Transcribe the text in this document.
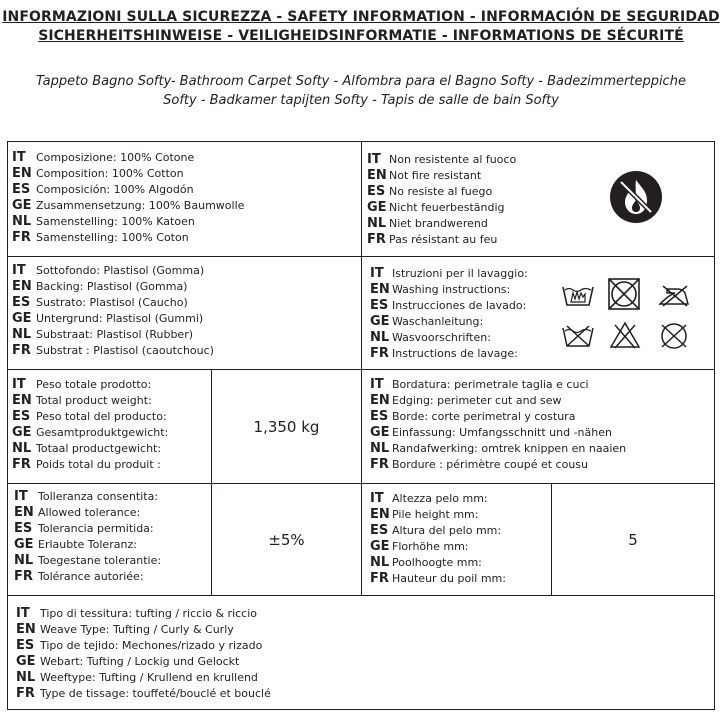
INFORMAZIONI SULLA SICUREZZA - SAFETY INFORMATION - INFORMACIÓN DE SEGURIDAD
SICHERHEITSHINWEISE - VEILIGHEIDSINFORMATIE - INFORMATIONS DE SÉCURITÉ
Tappeto Bagno Softy- Bathroom Carpet Softy - Alfombra para el Bagno Softy - Badezimmerteppiche
Softy - Badkamer tapijten Softy - Tapis de salle de bain Softy
IT Composizione: 100% Cotone
EN Composition: 100% Cotton
ES Composición: 100% Algodón
GE Zusammensetzung: 100% Baumwolle
NL Samenstelling: 100% Katoen
FR Samenstelling: 100% Coton
IT Non resistente al fuoco
EN Not fire resistant
ES No resiste al fuego
GE Nicht feuerbeständig
NL Niet brandwerend
FR Pas résistant au feu
IT Sottofondo: Plastisol (Gomma)
EN Backing: Plastisol (Gomma)
ES Sustrato: Plastisol (Caucho)
GE Untergrund: Plastisol (Gummi)
NL Substraat: Plastisol (Rubber)
FR Substrat : Plastisol (caoutchouc)
IT Istruzioni per il lavaggio:
EN Washing instructions:
ES Instrucciones de lavado:
GE Waschanleitung:
NL Wasvoorschriften:
FR Instructions de lavage:
IT Peso totale prodotto:
EN Total product weight:
ES Peso total del producto:
GE Gesamtproduktgewicht:
NL Totaal productgewicht:
FR Poids total du produit :
1,350 kg
IT Bordatura: perimetrale taglia e cuci
EN Edging: perimeter cut and sew
ES Borde: corte perimetral y costura
GE Einfassung: Umfangsschnitt und -nähen
NL Randafwerking: omtrek knippen en naaien
FR Bordure : périmètre coupé et cousu
IT Tolleranza consentita:
EN Allowed tolerance:
ES Tolerancia permitida:
GE Erlaubte Toleranz:
NL Toegestane tolerantie:
FR Tolérance autoriée:
±5%
IT Altezza pelo mm:
EN Pile height mm:
ES Altura del pelo mm:
GE Florhöhe mm:
NL Poolhoogte mm:
FR Hauteur du poil mm:
5
IT Tipo di tessitura: tufting / riccio & riccio
EN Weave Type: Tufting / Curly & Curly
ES Tipo de tejido: Mechones/rizado y rizado
GE Webart: Tufting / Lockig und Gelockt
NL Weeftype: Tufting / Krullend en krullend
FR Type de tissage: touffeté/bouclé et bouclé
